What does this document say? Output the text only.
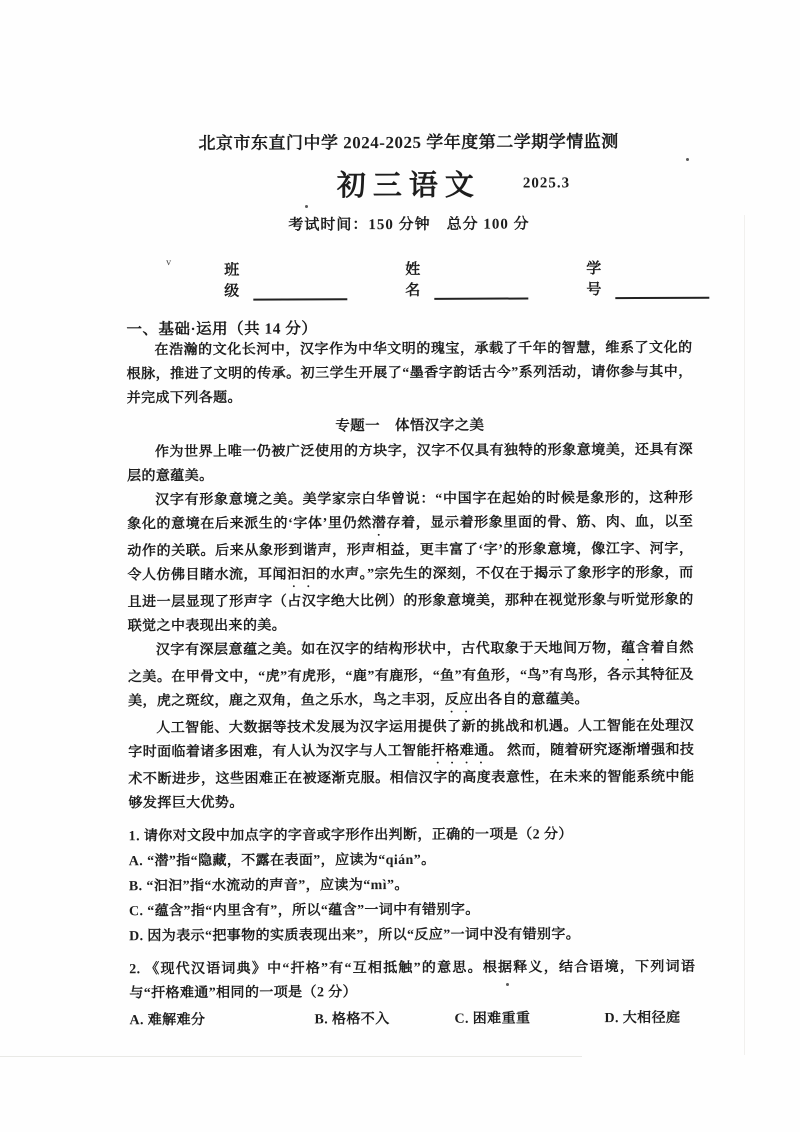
北京市东直门中学 2024-2025 学年度第二学期学情监测
初三语文	2025.3
考试时间：150 分钟　总分 100 分
v
班级
姓名
学号
一、基础·运用（共 14 分）
在浩瀚的文化长河中，汉字作为中华文明的瑰宝，承载了千年的智慧，维系了文化的根脉，推进了文明的传承。初三学生开展了“墨香字韵话古今”系列活动，请你参与其中，并完成下列各题。
专题一　体悟汉字之美
作为世界上唯一仍被广泛使用的方块字，汉字不仅具有独特的形象意境美，还具有深层的意蕴美。
汉字有形象意境之美。美学家宗白华曾说：“中国字在起始的时候是象形的，这种形象化的意境在后来派生的‘字体’里仍然潜存着，显示着形象里面的骨、筋、肉、血，以至动作的关联。后来从象形到谐声，形声相益，更丰富了‘字’的形象意境，像江字、河字，令人仿佛目睹水流，耳闻汩汩的水声。”宗先生的深刻，不仅在于揭示了象形字的形象，而且进一层显现了形声字（占汉字绝大比例）的形象意境美，那种在视觉形象与听觉形象的联觉之中表现出来的美。
汉字有深层意蕴之美。如在汉字的结构形状中，古代取象于天地间万物，蕴含着自然之美。在甲骨文中，“虎”有虎形，“鹿”有鹿形，“鱼”有鱼形，“鸟”有鸟形，各示其特征及美，虎之斑纹，鹿之双角，鱼之乐水，鸟之丰羽，反应出各自的意蕴美。
人工智能、大数据等技术发展为汉字运用提供了新的挑战和机遇。人工智能在处理汉字时面临着诸多困难，有人认为汉字与人工智能扞格难通。 然而，随着研究逐渐增强和技术不断进步，这些困难正在被逐渐克服。相信汉字的高度表意性，在未来的智能系统中能够发挥巨大优势。
1. 请你对文段中加点字的字音或字形作出判断，正确的一项是（2 分）
A. “潜”指“隐藏，不露在表面”，应读为“qián”。
B. “汩汩”指“水流动的声音”，应读为“mì”。
C. “蕴含”指“内里含有”，所以“蕴含”一词中有错别字。
D. 因为表示“把事物的实质表现出来”，所以“反应”一词中没有错别字。
2. 《现代汉语词典》中“扞格”有“互相抵触”的意思。根据释义，结合语境，下列词语与“扞格难通”相同的一项是（2 分）
A. 难解难分	B. 格格不入	C. 困难重重	D. 大相径庭
